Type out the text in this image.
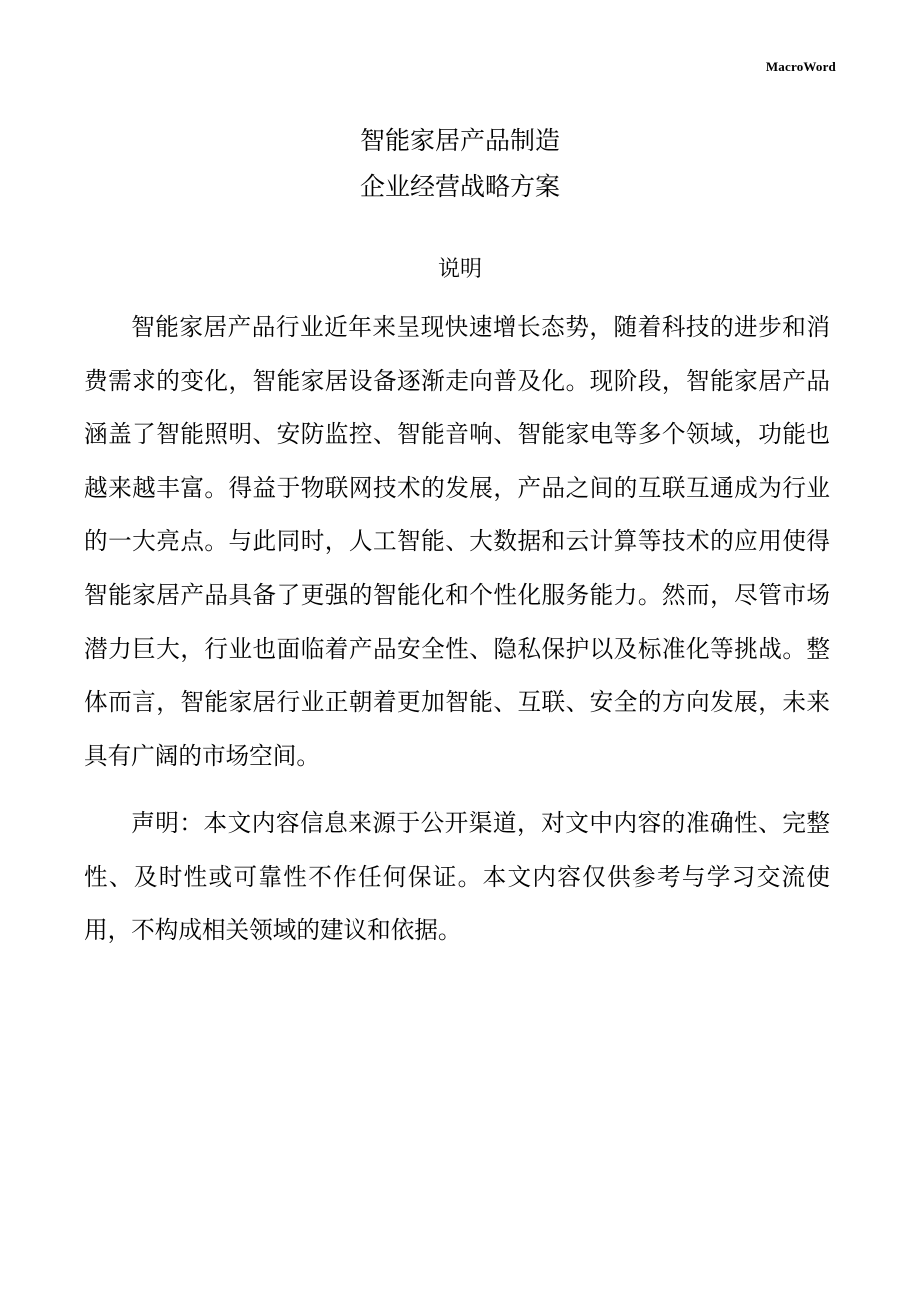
MacroWord
智能家居产品制造
企业经营战略方案
说明

智能家居产品行业近年来呈现快速增长态势，随着科技的进步和消费需求的变化，智能家居设备逐渐走向普及化。现阶段，智能家居产品涵盖了智能照明、安防监控、智能音响、智能家电等多个领域，功能也越来越丰富。得益于物联网技术的发展，产品之间的互联互通成为行业的一大亮点。与此同时，人工智能、大数据和云计算等技术的应用使得智能家居产品具备了更强的智能化和个性化服务能力。然而，尽管市场潜力巨大，行业也面临着产品安全性、隐私保护以及标准化等挑战。整体而言，智能家居行业正朝着更加智能、互联、安全的方向发展，未来具有广阔的市场空间。

声明：本文内容信息来源于公开渠道，对文中内容的准确性、完整性、及时性或可靠性不作任何保证。本文内容仅供参考与学习交流使用，不构成相关领域的建议和依据。
